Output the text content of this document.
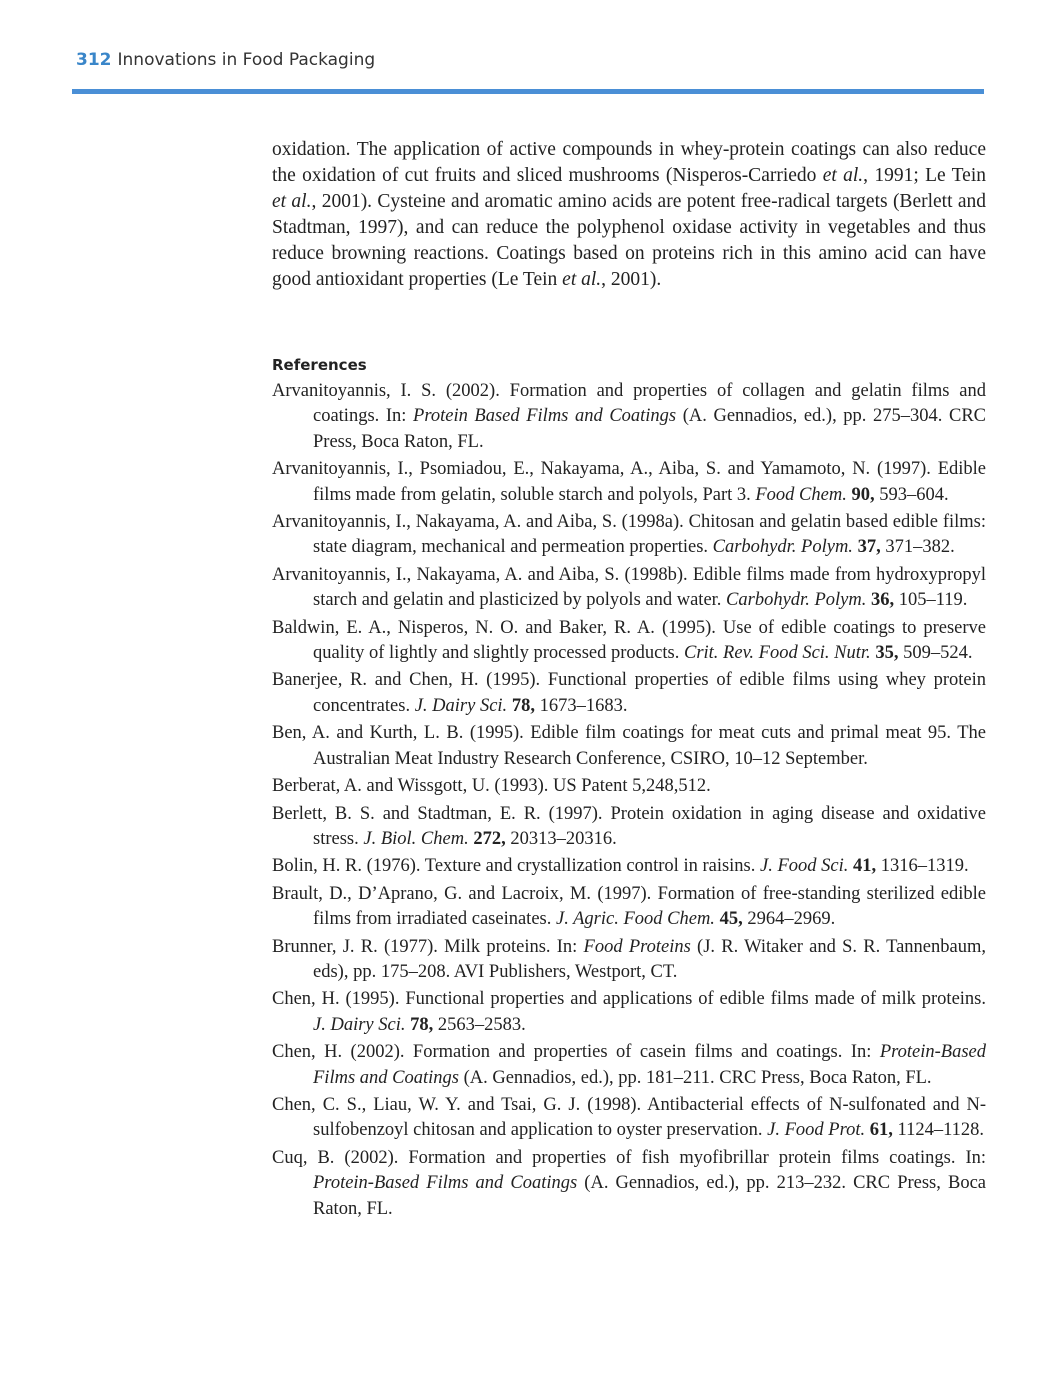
312 Innovations in Food Packaging

oxidation. The application of active compounds in whey-protein coatings can also reduce the oxidation of cut fruits and sliced mushrooms (Nisperos-Carriedo et al., 1991; Le Tein et al., 2001). Cysteine and aromatic amino acids are potent free-radical targets (Berlett and Stadtman, 1997), and can reduce the polyphenol oxidase activity in vegetables and thus reduce browning reactions. Coatings based on proteins rich in this amino acid can have good antioxidant properties (Le Tein et al., 2001).

References
Arvanitoyannis, I. S. (2002). Formation and properties of collagen and gelatin films and coatings. In: Protein Based Films and Coatings (A. Gennadios, ed.), pp. 275–304. CRC Press, Boca Raton, FL.
Arvanitoyannis, I., Psomiadou, E., Nakayama, A., Aiba, S. and Yamamoto, N. (1997). Edible films made from gelatin, soluble starch and polyols, Part 3. Food Chem. 90, 593–604.
Arvanitoyannis, I., Nakayama, A. and Aiba, S. (1998a). Chitosan and gelatin based edible films: state diagram, mechanical and permeation properties. Carbohydr. Polym. 37, 371–382.
Arvanitoyannis, I., Nakayama, A. and Aiba, S. (1998b). Edible films made from hydroxypropyl starch and gelatin and plasticized by polyols and water. Carbohydr. Polym. 36, 105–119.
Baldwin, E. A., Nisperos, N. O. and Baker, R. A. (1995). Use of edible coatings to preserve quality of lightly and slightly processed products. Crit. Rev. Food Sci. Nutr. 35, 509–524.
Banerjee, R. and Chen, H. (1995). Functional properties of edible films using whey protein concentrates. J. Dairy Sci. 78, 1673–1683.
Ben, A. and Kurth, L. B. (1995). Edible film coatings for meat cuts and primal meat 95. The Australian Meat Industry Research Conference, CSIRO, 10–12 September.
Berberat, A. and Wissgott, U. (1993). US Patent 5,248,512.
Berlett, B. S. and Stadtman, E. R. (1997). Protein oxidation in aging disease and oxidative stress. J. Biol. Chem. 272, 20313–20316.
Bolin, H. R. (1976). Texture and crystallization control in raisins. J. Food Sci. 41, 1316–1319.
Brault, D., D’Aprano, G. and Lacroix, M. (1997). Formation of free-standing sterilized edible films from irradiated caseinates. J. Agric. Food Chem. 45, 2964–2969.
Brunner, J. R. (1977). Milk proteins. In: Food Proteins (J. R. Witaker and S. R. Tannenbaum, eds), pp. 175–208. AVI Publishers, Westport, CT.
Chen, H. (1995). Functional properties and applications of edible films made of milk proteins. J. Dairy Sci. 78, 2563–2583.
Chen, H. (2002). Formation and properties of casein films and coatings. In: Protein-Based Films and Coatings (A. Gennadios, ed.), pp. 181–211. CRC Press, Boca Raton, FL.
Chen, C. S., Liau, W. Y. and Tsai, G. J. (1998). Antibacterial effects of N-sulfonated and N-sulfobenzoyl chitosan and application to oyster preservation. J. Food Prot. 61, 1124–1128.
Cuq, B. (2002). Formation and properties of fish myofibrillar protein films coatings. In: Protein-Based Films and Coatings (A. Gennadios, ed.), pp. 213–232. CRC Press, Boca Raton, FL.
